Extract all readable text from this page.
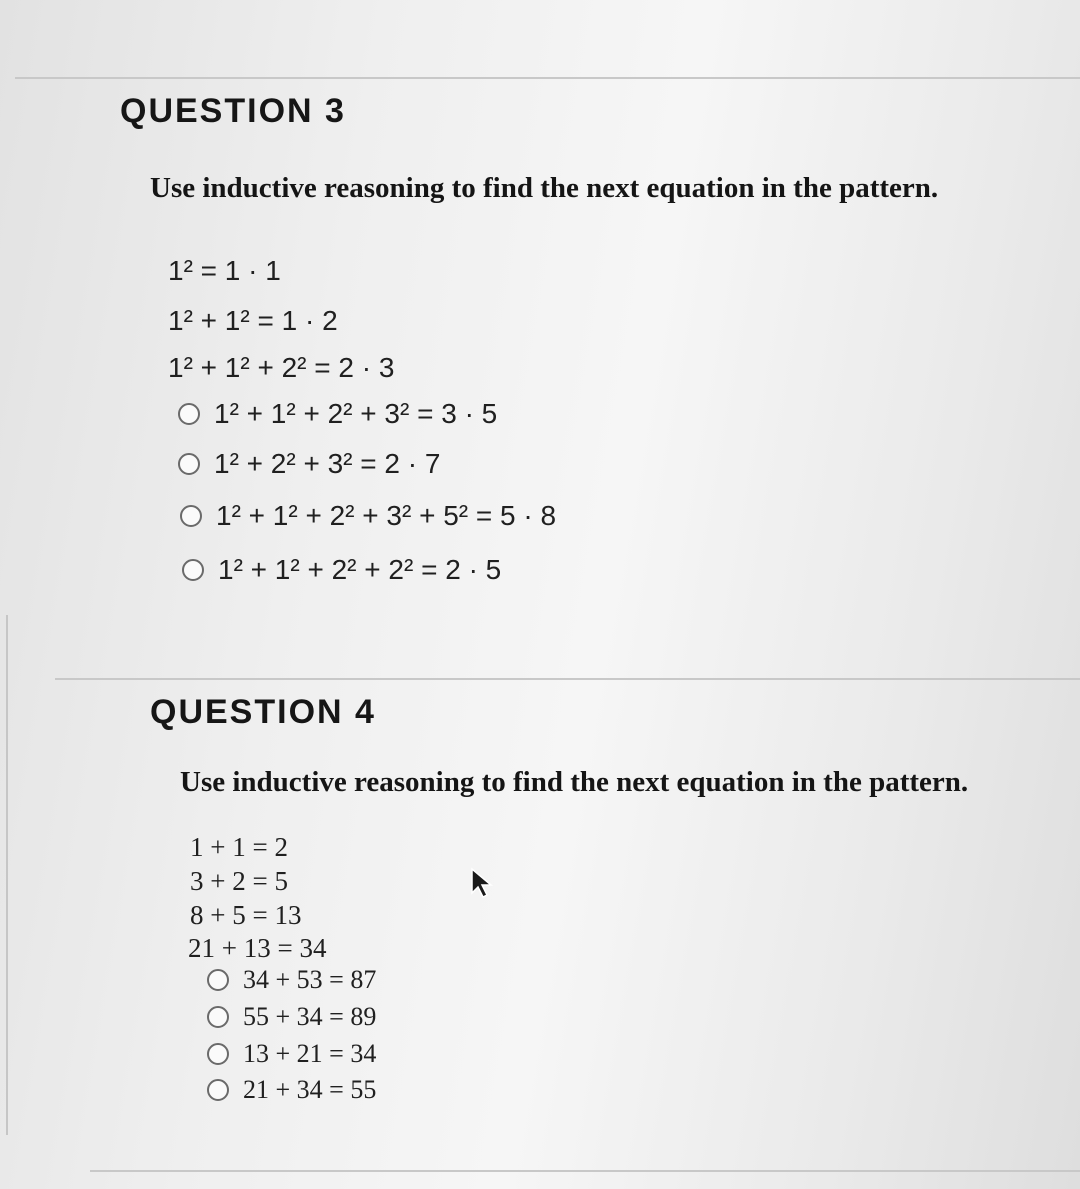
QUESTION 3

Use inductive reasoning to find the next equation in the pattern.

1² = 1 · 1

1² + 1² = 1 · 2

1² + 1² + 2² = 2 · 3

1² + 1² + 2² + 3² = 3 · 5
1² + 2² + 3² = 2 · 7
1² + 1² + 2² + 3² + 5² = 5 · 8
1² + 1² + 2² + 2² = 2 · 5
QUESTION 4

Use inductive reasoning to find the next equation in the pattern.

1 + 1 = 2

3 + 2 = 5

8 + 5 = 13

21 + 13 = 34

34 + 53 = 87
55 + 34 = 89
13 + 21 = 34
21 + 34 = 55
